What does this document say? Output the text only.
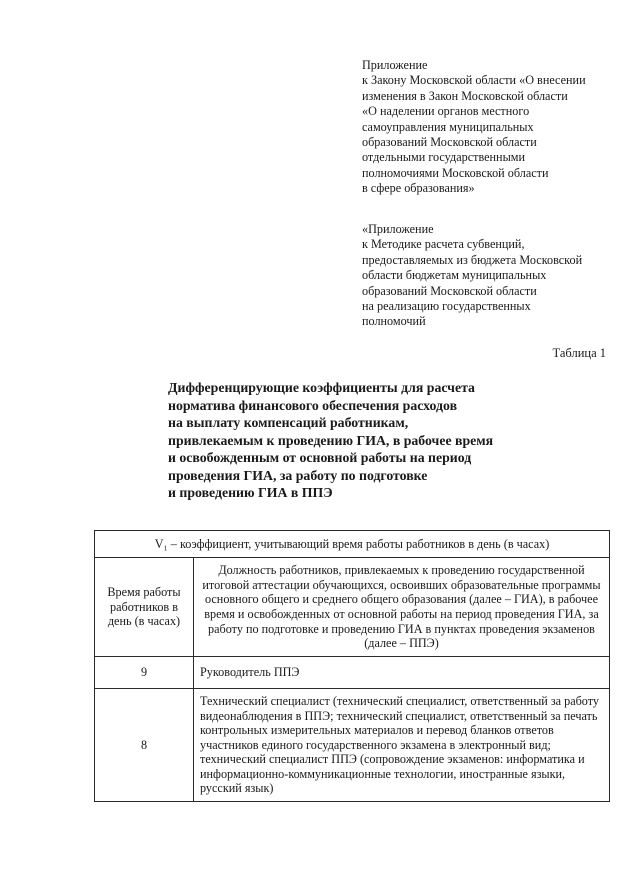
Приложение
к Закону Московской области «О внесении
изменения в Закон Московской области
«О наделении органов местного
самоуправления муниципальных
образований Московской области
отдельными государственными
полномочиями Московской области
в сфере образования»
«Приложение
к Методике расчета субвенций,
предоставляемых из бюджета Московской
области бюджетам муниципальных
образований Московской области
на реализацию государственных
полномочий
Таблица 1
Дифференцирующие коэффициенты для расчета
норматива финансового обеспечения расходов
на выплату компенсаций работникам,
привлекаемым к проведению ГИА, в рабочее время
и освобожденным от основной работы на период
проведения ГИА, за работу по подготовке
и проведению ГИА в ППЭ
V₁ – коэффициент, учитывающий время работы работников в день (в часах)	
Время работы работников в день (в часах)	Должность работников, привлекаемых к проведению государственной итоговой аттестации обучающихся, освоивших образовательные программы основного общего и среднего общего образования (далее – ГИА), в рабочее время и освобожденных от основной работы на период проведения ГИА, за работу по подготовке и проведению ГИА в пунктах проведения экзаменов (далее – ППЭ)
9	Руководитель ППЭ
8	Технический специалист (технический специалист, ответственный за работу видеонаблюдения в ППЭ; технический специалист, ответственный за печать контрольных измерительных материалов и перевод бланков ответов участников единого государственного экзамена в электронный вид; технический специалист ППЭ (сопровождение экзаменов: информатика и информационно-коммуникационные технологии, иностранные языки, русский язык)
